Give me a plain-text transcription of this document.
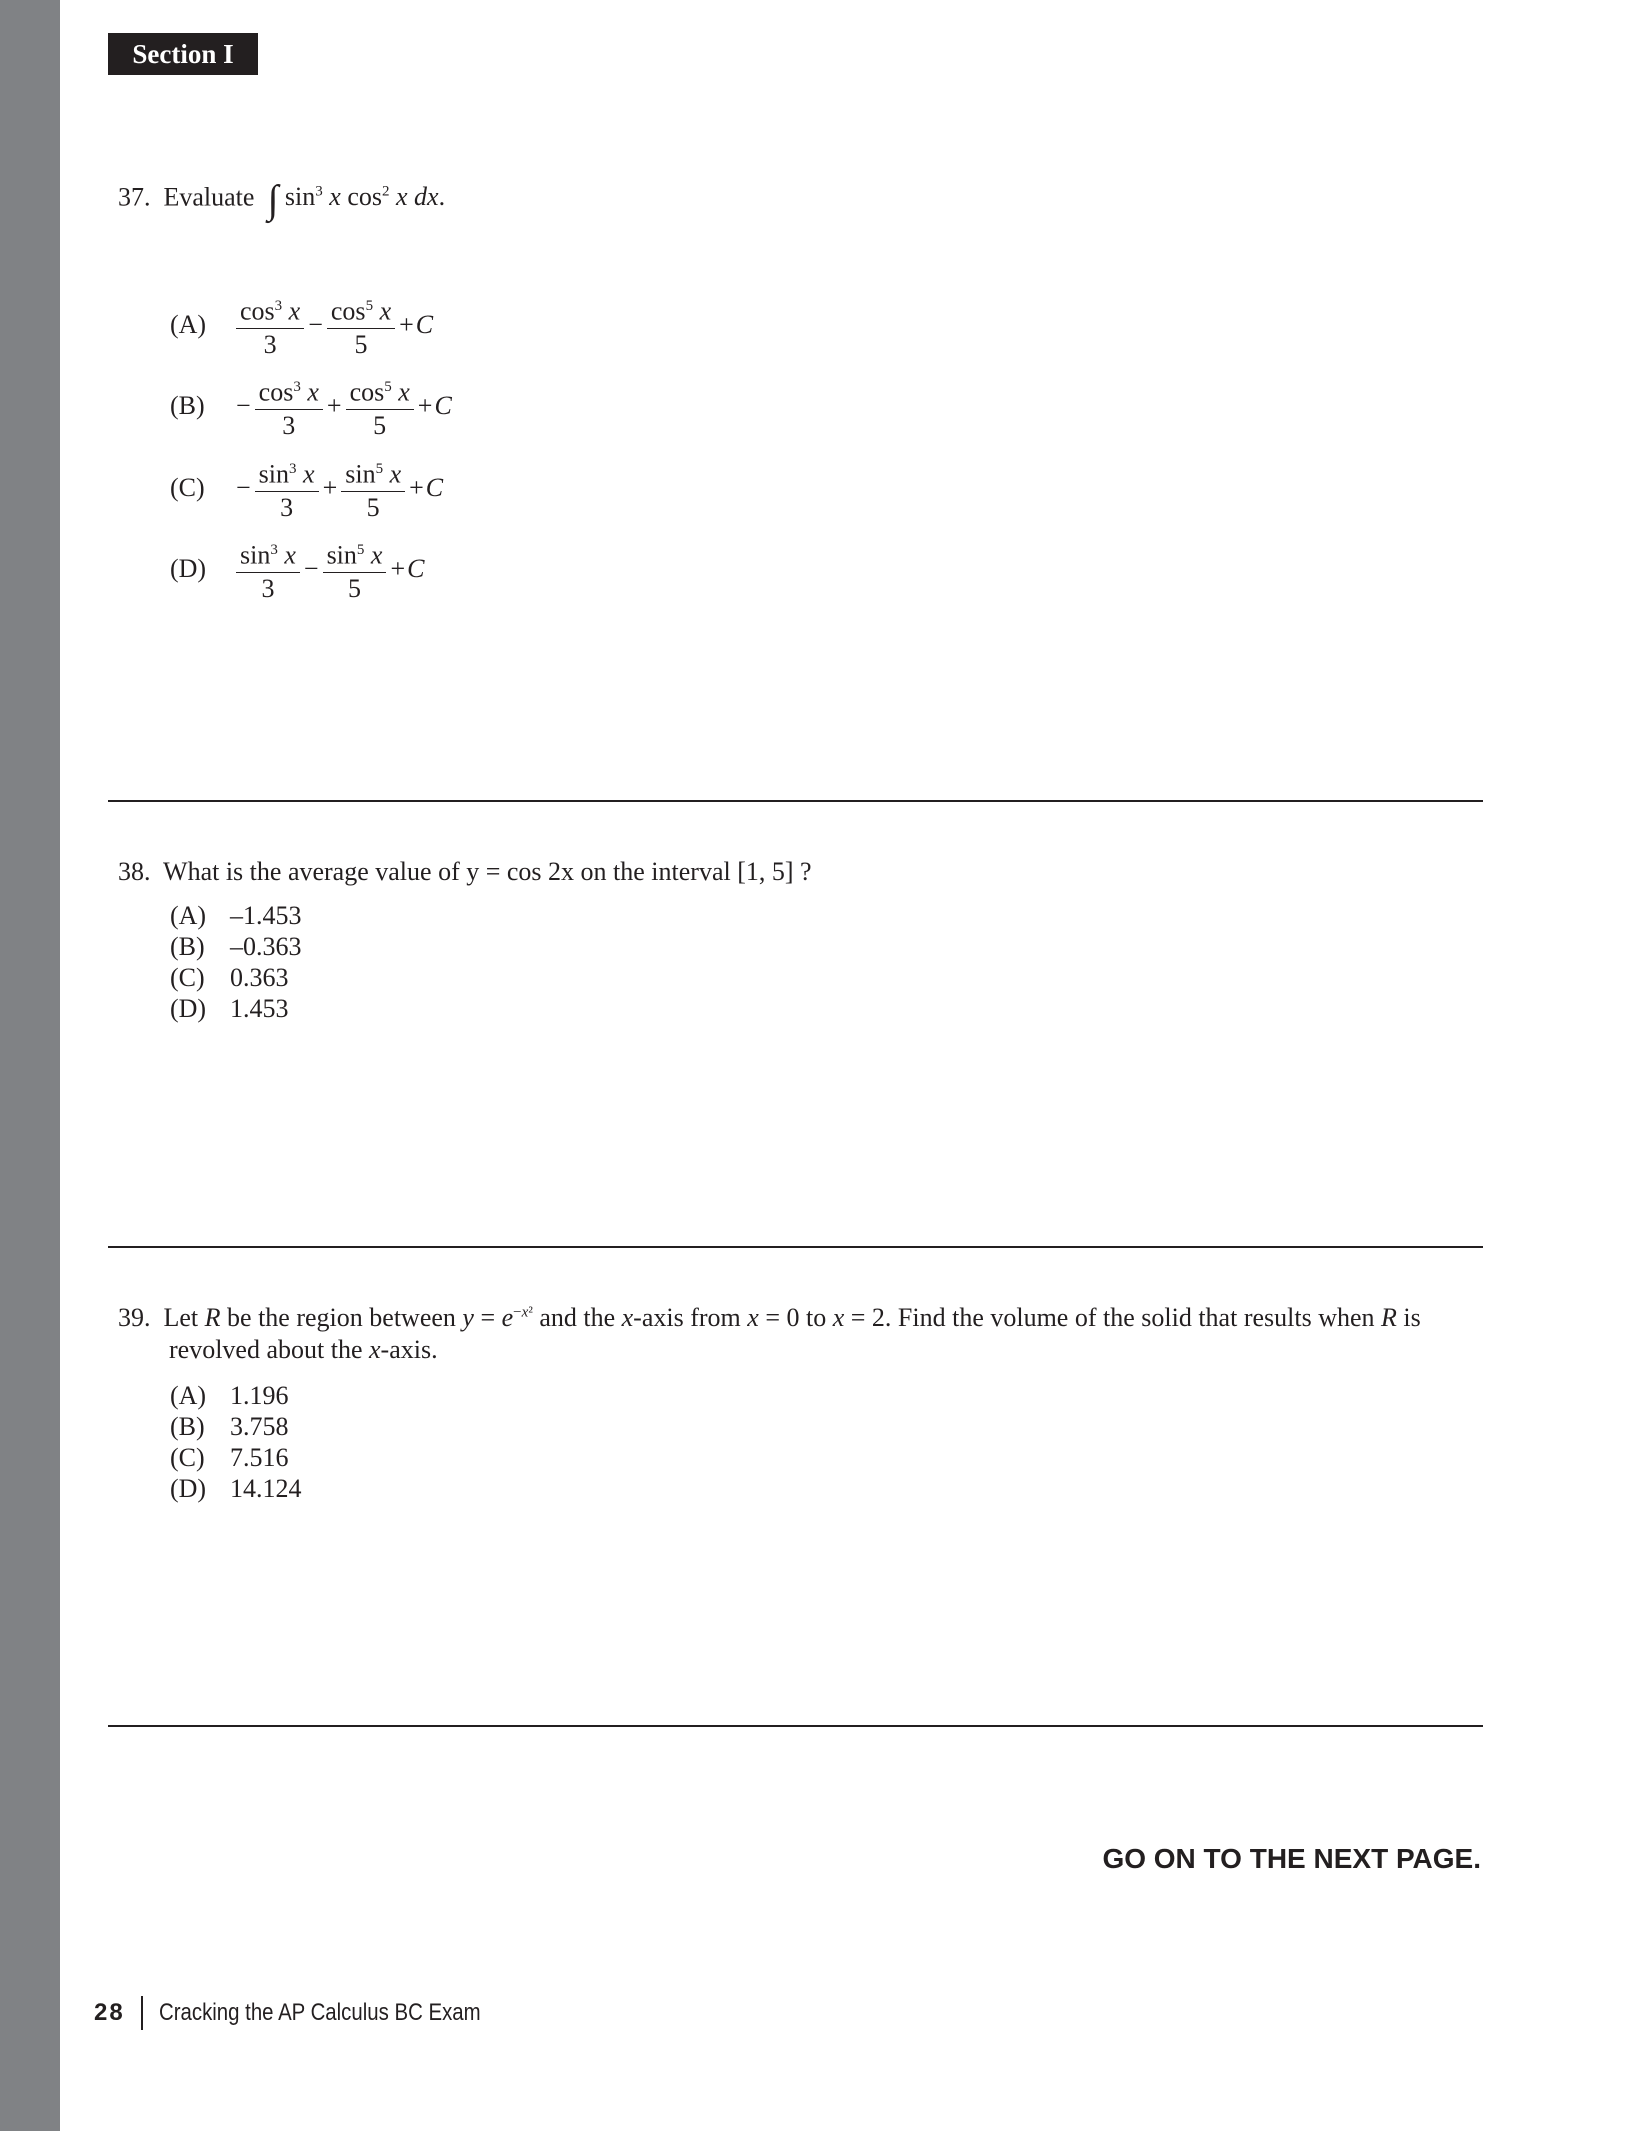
Section I
37. Evaluate ∫ $\sin^3 x$ $\cos^2 x$ dx.
(A)	$\frac{\cos^3 x}{3} - \frac{\cos^5 x}{5} +C$
(B)	− $\frac{\cos^3 x}{3} + \frac{\cos^5 x}{5} +C$
(C)	− $\frac{\sin^3 x}{3} + \frac{\sin^5 x}{5} +C$
(D)	$\frac{\sin^3 x}{3} - \frac{\sin^5 x}{5} +C$
38. What is the average value of y = cos 2x on the interval [1, 5] ?
(A) –1.453
(B) –0.363
(C) 0.363
(D) 1.453
39. Let R be the region between $y = e^{-x^2}$ and the x-axis from x = 0 to x = 2. Find the volume of the solid that results when R is
revolved about the x-axis.
(A) 1.196
(B) 3.758
(C) 7.516
(D) 14.124
GO ON TO THE NEXT PAGE.
28 Cracking the AP Calculus BC Exam
